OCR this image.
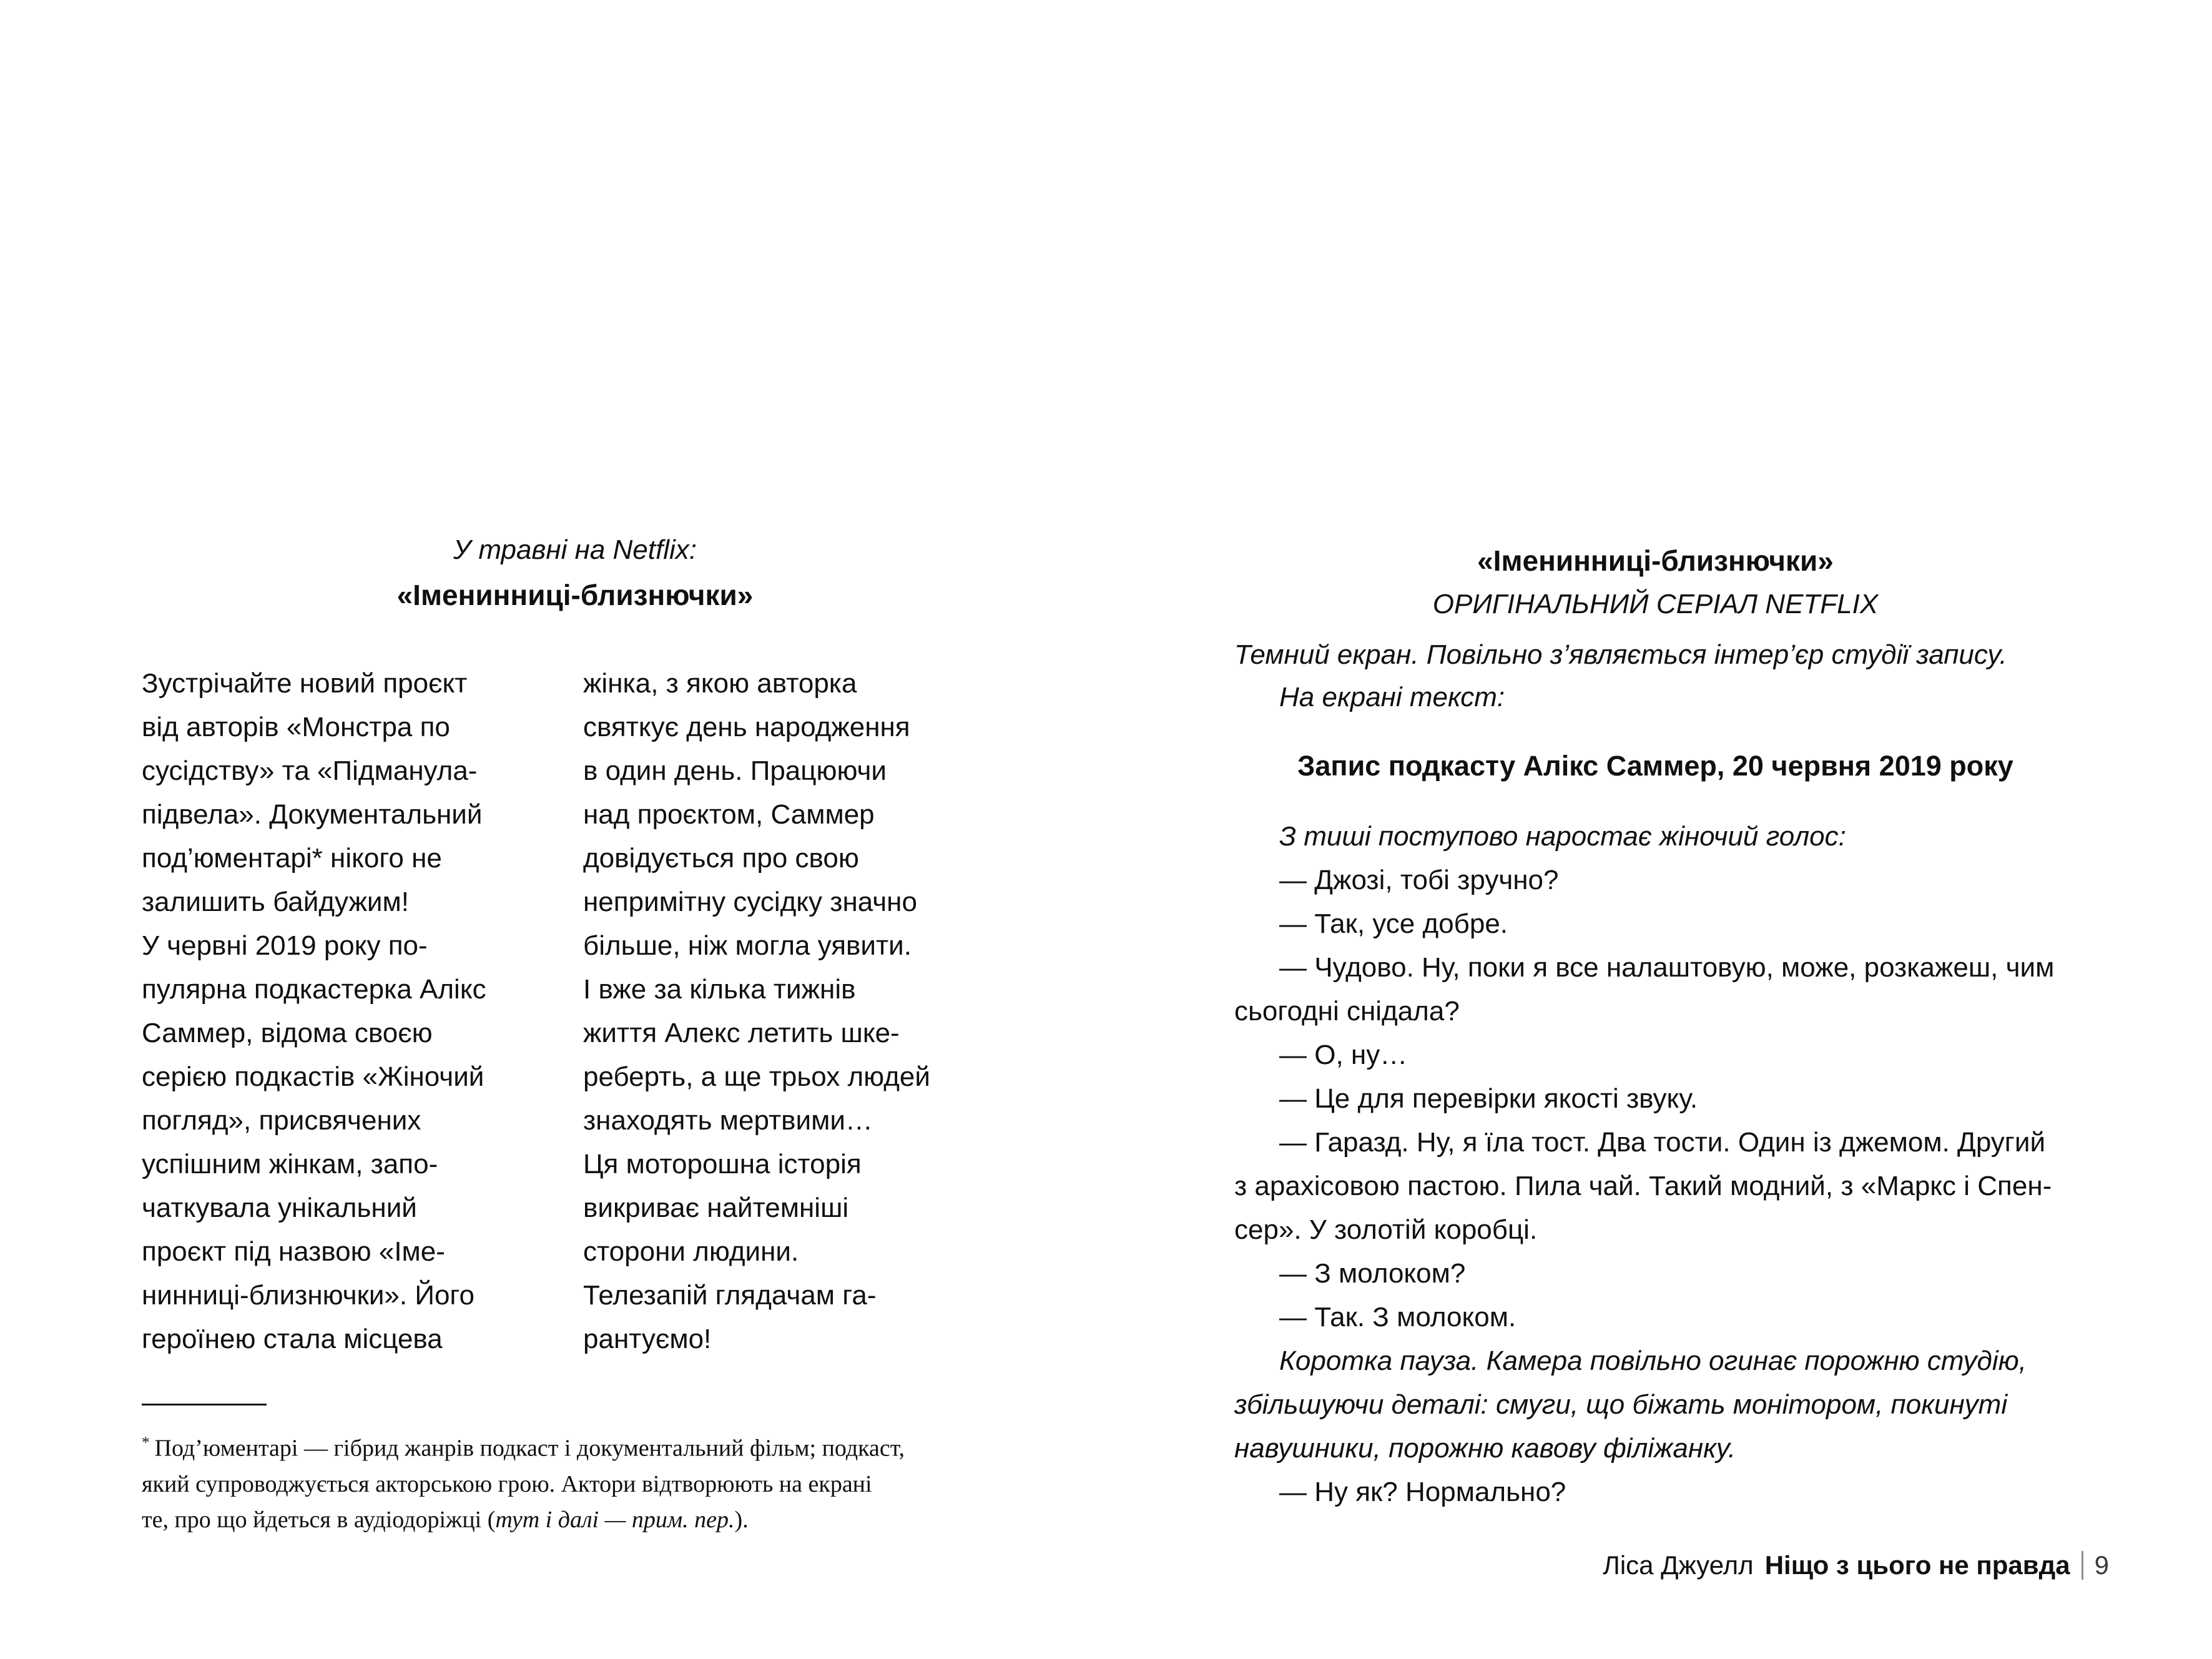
У травні на Netflix:
«Іменинниці-близнючки»
Зустрічайте новий проєкт
від авторів «Монстра по
сусідству» та «Підманула-
підвела». Документальний
под’юментарі* нікого не
залишить байдужим!
У червні 2019 року по-
пулярна подкастерка Алікс
Саммер, відома своєю
серією подкастів «Жіночий
погляд», присвячених
успішним жінкам, запо-
чаткувала унікальний
проєкт під назвою «Іме-
нинниці-близнючки». Його
героїнею стала місцева
жінка, з якою авторка
святкує день народження
в один день. Працюючи
над проєктом, Саммер
довідується про свою
непримітну сусідку значно
більше, ніж могла уявити.
І вже за кілька тижнів
життя Алекс летить шке-
реберть, а ще трьох людей
знаходять мертвими…
Ця моторошна історія
викриває найтемніші
сторони людини.
Телезапій глядачам га-
рантуємо!
* Под’юментарі — гібрид жанрів подкаст і документальний фільм; подкаст,
який супроводжується акторською грою. Актори відтворюють на екрані
те, про що йдеться в аудіодоріжці (тут і далі — прим. пер.).
«Іменинниці-близнючки»
ОРИГІНАЛЬНИЙ СЕРІАЛ NETFLIX
Темний екран. Повільно з’являється інтер’єр студії запису.
На екрані текст:
Запис подкасту Алікс Саммер, 20 червня 2019 року
З тиші поступово наростає жіночий голос:
— Джозі, тобі зручно?
— Так, усе добре.
— Чудово. Ну, поки я все налаштовую, може, розкажеш, чим
сьогодні снідала?
— О, ну…
— Це для перевірки якості звуку.
— Гаразд. Ну, я їла тост. Два тости. Один із джемом. Другий
з арахісовою пастою. Пила чай. Такий модний, з «Маркс і Спен-
сер». У золотій коробці.
— З молоком?
— Так. З молоком.
Коротка пауза. Камера повільно огинає порожню студію,
збільшуючи деталі: смуги, що біжать монітором, покинуті
навушники, порожню кавову філіжанку.
— Ну як? Нормально?
Ліса Джуелл Ніщо з цього не правда 9
